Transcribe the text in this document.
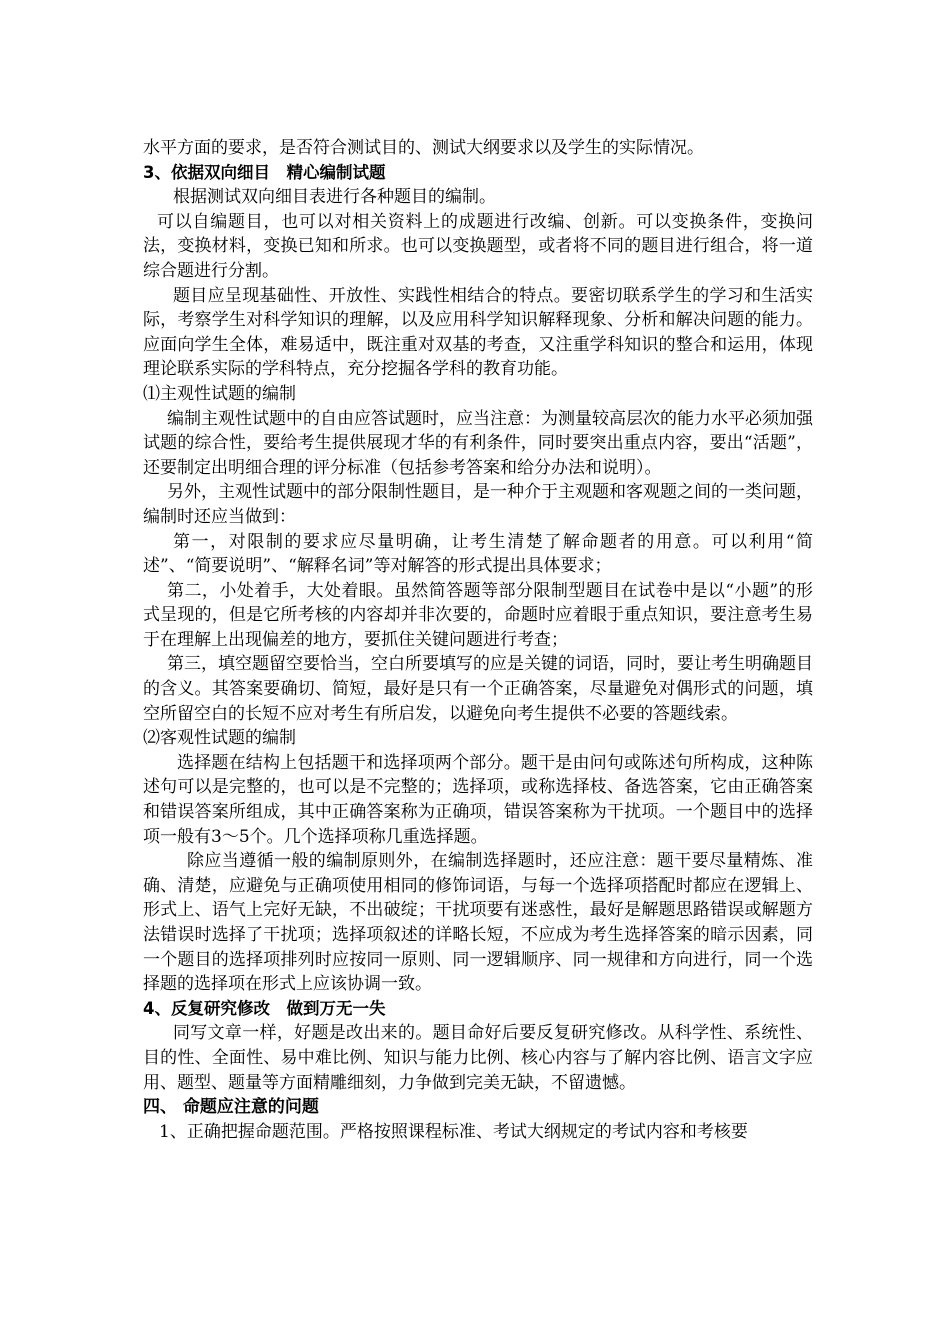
水平方面的要求，是否符合测试目的、测试大纲要求以及学生的实际情况。

3、依据双向细目　精心编制试题

根据测试双向细目表进行各种题目的编制。

可以自编题目，也可以对相关资料上的成题进行改编、创新。可以变换条件，变换问法，变换材料，变换已知和所求。也可以变换题型，或者将不同的题目进行组合，将一道综合题进行分割。

题目应呈现基础性、开放性、实践性相结合的特点。要密切联系学生的学习和生活实际，考察学生对科学知识的理解，以及应用科学知识解释现象、分析和解决问题的能力。应面向学生全体，难易适中，既注重对双基的考查，又注重学科知识的整合和运用，体现理论联系实际的学科特点，充分挖掘各学科的教育功能。

⑴主观性试题的编制

编制主观性试题中的自由应答试题时，应当注意：为测量较高层次的能力水平必须加强试题的综合性，要给考生提供展现才华的有利条件，同时要突出重点内容，要出“活题”，还要制定出明细合理的评分标准（包括参考答案和给分办法和说明）。

另外，主观性试题中的部分限制性题目，是一种介于主观题和客观题之间的一类问题，编制时还应当做到：

第一，对限制的要求应尽量明确，让考生清楚了解命题者的用意。可以利用“简述”、“简要说明”、“解释名词”等对解答的形式提出具体要求；

第二，小处着手，大处着眼。虽然简答题等部分限制型题目在试卷中是以“小题”的形式呈现的，但是它所考核的内容却并非次要的，命题时应着眼于重点知识，要注意考生易于在理解上出现偏差的地方，要抓住关键问题进行考查；

第三，填空题留空要恰当，空白所要填写的应是关键的词语，同时，要让考生明确题目的含义。其答案要确切、简短，最好是只有一个正确答案，尽量避免对偶形式的问题，填空所留空白的长短不应对考生有所启发，以避免向考生提供不必要的答题线索。

⑵客观性试题的编制

选择题在结构上包括题干和选择项两个部分。题干是由问句或陈述句所构成，这种陈述句可以是完整的，也可以是不完整的；选择项，或称选择枝、备选答案，它由正确答案和错误答案所组成，其中正确答案称为正确项，错误答案称为干扰项。一个题目中的选择项一般有3～5个。几个选择项称几重选择题。

除应当遵循一般的编制原则外，在编制选择题时，还应注意：题干要尽量精炼、准确、清楚，应避免与正确项使用相同的修饰词语，与每一个选择项搭配时都应在逻辑上、形式上、语气上完好无缺，不出破绽；干扰项要有迷惑性，最好是解题思路错误或解题方法错误时选择了干扰项；选择项叙述的详略长短，不应成为考生选择答案的暗示因素，同一个题目的选择项排列时应按同一原则、同一逻辑顺序、同一规律和方向进行，同一个选择题的选择项在形式上应该协调一致。

4、反复研究修改　做到万无一失

同写文章一样，好题是改出来的。题目命好后要反复研究修改。从科学性、系统性、目的性、全面性、易中难比例、知识与能力比例、核心内容与了解内容比例、语言文字应用、题型、题量等方面精雕细刻，力争做到完美无缺，不留遗憾。

四、 命题应注意的问题

1、正确把握命题范围。严格按照课程标准、考试大纲规定的考试内容和考核要
